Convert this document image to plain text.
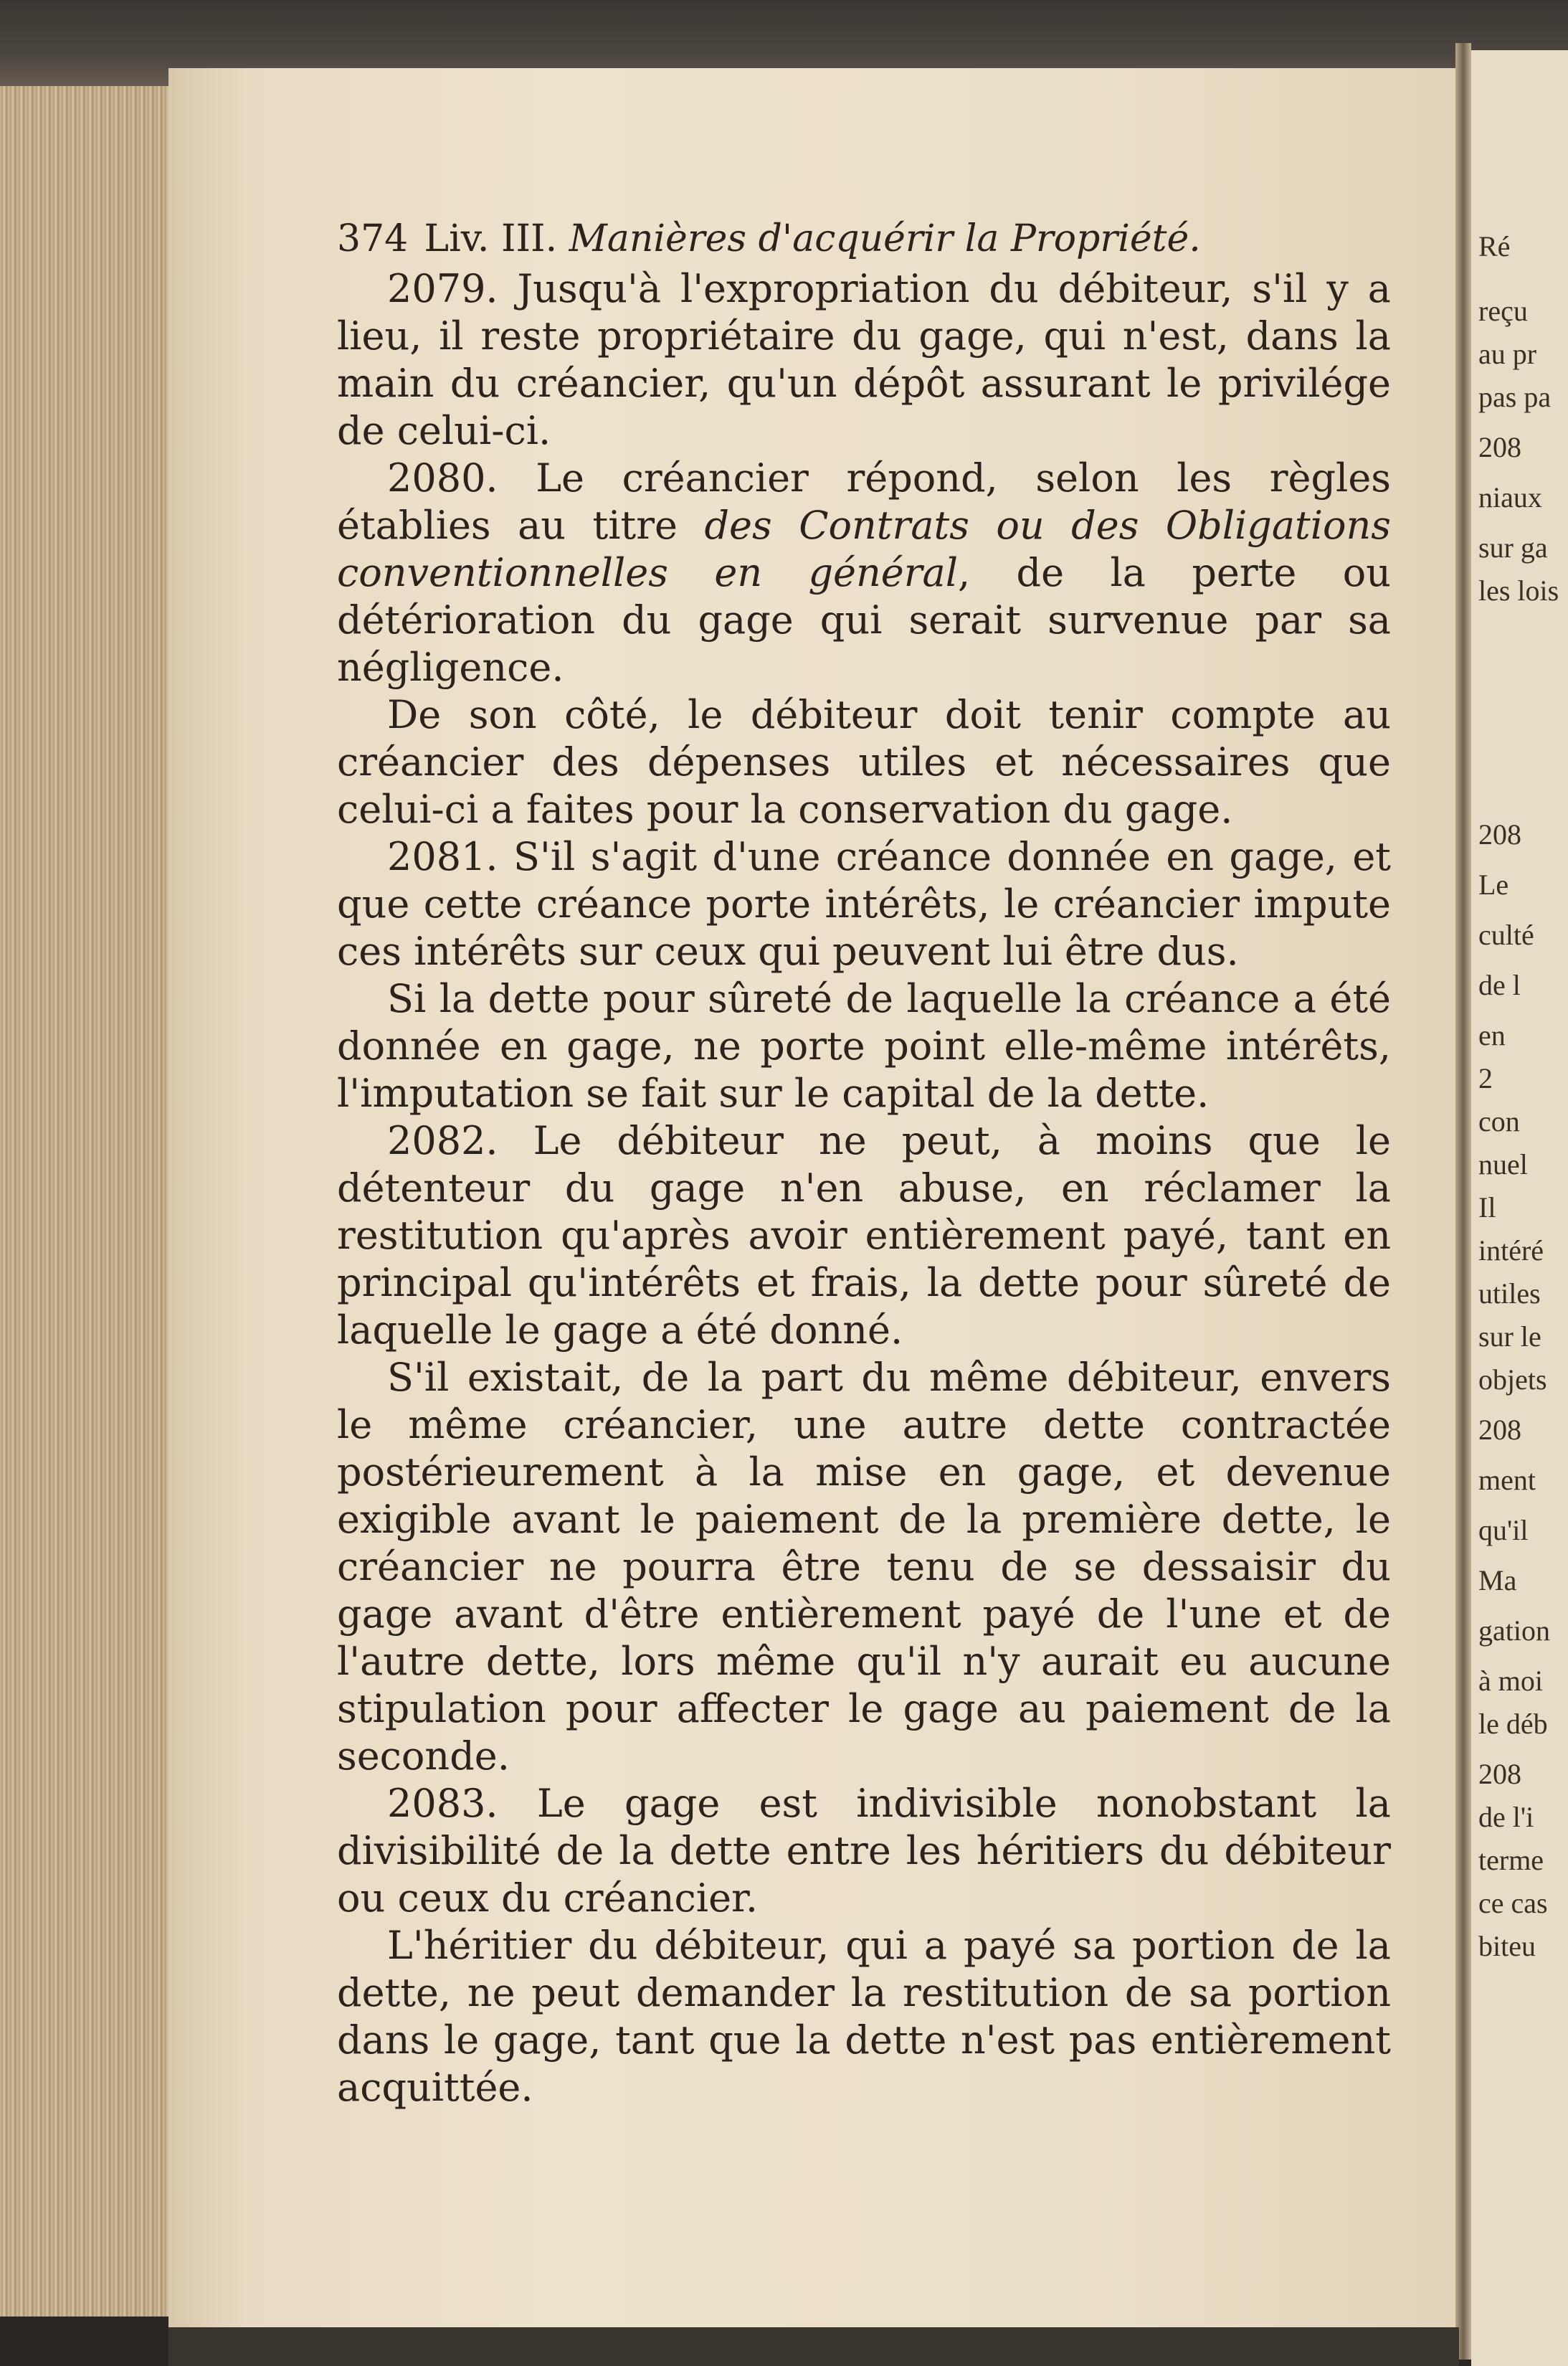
Ré
reçu
au pr
pas pa
208
niaux
sur ga
les lois
208
Le
culté
de l
en
2
con
nuel
Il
intéré
utiles
sur le
objets
208
ment
qu'il
Ma
gation
à moi
le déb
208
de l'i
terme
ce cas
biteu
374 Liv. III. Manières d'acquérir la Propriété.

2079. Jusqu'à l'expropriation du débiteur, s'il y a lieu, il reste propriétaire du gage, qui n'est, dans la main du créancier, qu'un dépôt assurant le privilége de celui-ci.

2080. Le créancier répond, selon les règles établies au titre des Contrats ou des Obligations conventionnelles en général, de la perte ou détérioration du gage qui serait survenue par sa négligence.

De son côté, le débiteur doit tenir compte au créancier des dépenses utiles et nécessaires que celui-ci a faites pour la conservation du gage.

2081. S'il s'agit d'une créance donnée en gage, et que cette créance porte intérêts, le créancier impute ces intérêts sur ceux qui peuvent lui être dus.

Si la dette pour sûreté de laquelle la créance a été donnée en gage, ne porte point elle-même intérêts, l'imputation se fait sur le capital de la dette.

2082. Le débiteur ne peut, à moins que le détenteur du gage n'en abuse, en réclamer la restitution qu'après avoir entièrement payé, tant en principal qu'intérêts et frais, la dette pour sûreté de laquelle le gage a été donné.

S'il existait, de la part du même débiteur, envers le même créancier, une autre dette contractée postérieurement à la mise en gage, et devenue exigible avant le paiement de la première dette, le créancier ne pourra être tenu de se dessaisir du gage avant d'être entièrement payé de l'une et de l'autre dette, lors même qu'il n'y aurait eu aucune stipulation pour affecter le gage au paiement de la seconde.

2083. Le gage est indivisible nonobstant la divisibilité de la dette entre les héritiers du débiteur ou ceux du créancier.

L'héritier du débiteur, qui a payé sa portion de la dette, ne peut demander la restitution de sa portion dans le gage, tant que la dette n'est pas entièrement acquittée.
